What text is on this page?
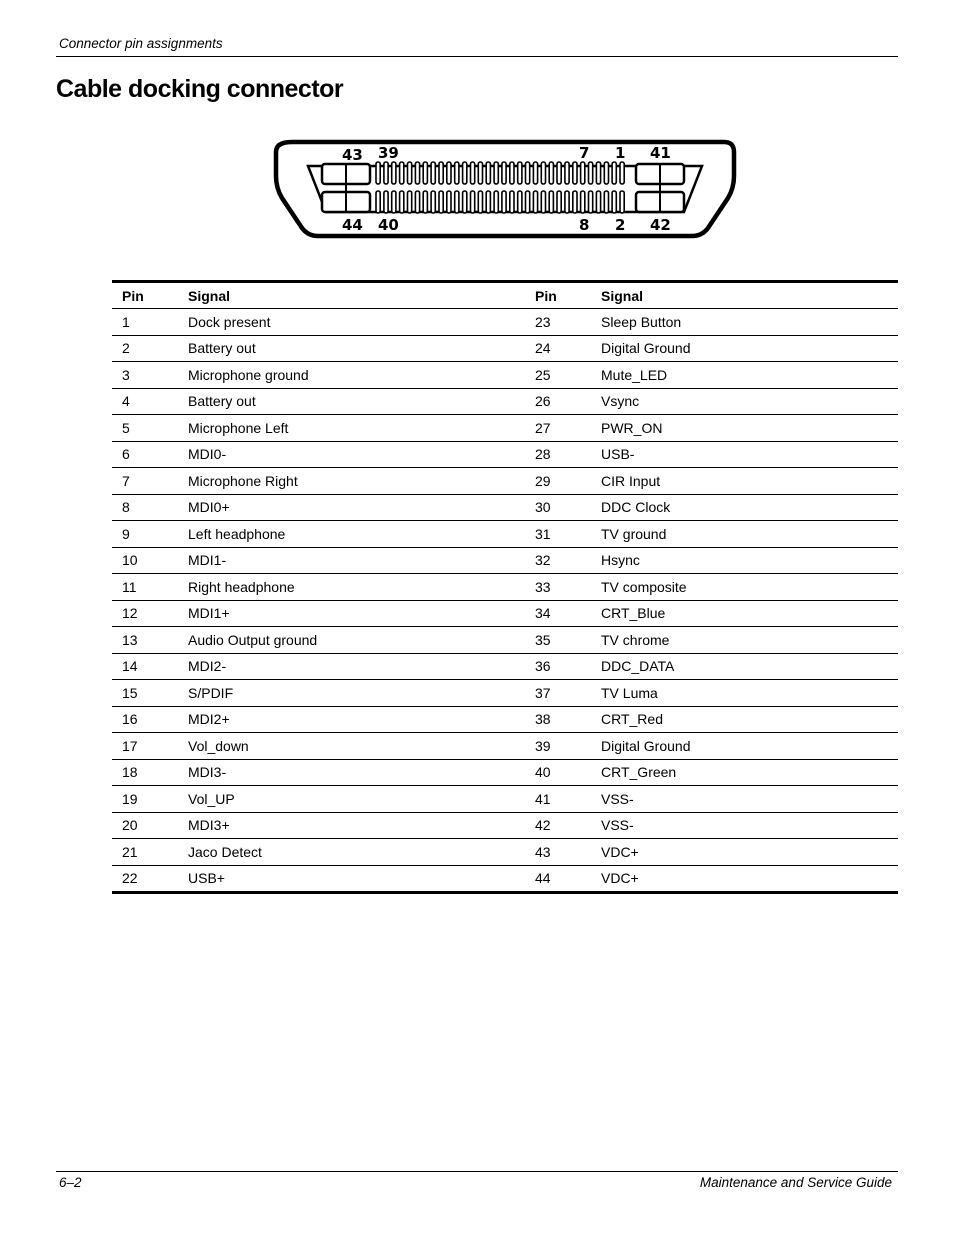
Connector pin assignments
Cable docking connector
43 39	7 1 41
44 40	8 2 42
Pin	Signal	Pin	Signal
1	Dock present	23	Sleep Button
2	Battery out	24	Digital Ground
3	Microphone ground	25	Mute_LED
4	Battery out	26	Vsync
5	Microphone Left	27	PWR_ON
6	MDI0-	28	USB-
7	Microphone Right	29	CIR Input
8	MDI0+	30	DDC Clock
9	Left headphone	31	TV ground
10	MDI1-	32	Hsync
11	Right headphone	33	TV composite
12	MDI1+	34	CRT_Blue
13	Audio Output ground	35	TV chrome
14	MDI2-	36	DDC_DATA
15	S/PDIF	37	TV Luma
16	MDI2+	38	CRT_Red
17	Vol_down	39	Digital Ground
18	MDI3-	40	CRT_Green
19	Vol_UP	41	VSS-
20	MDI3+	42	VSS-
21	Jaco Detect	43	VDC+
22	USB+	44	VDC+
6–2	Maintenance and Service Guide
